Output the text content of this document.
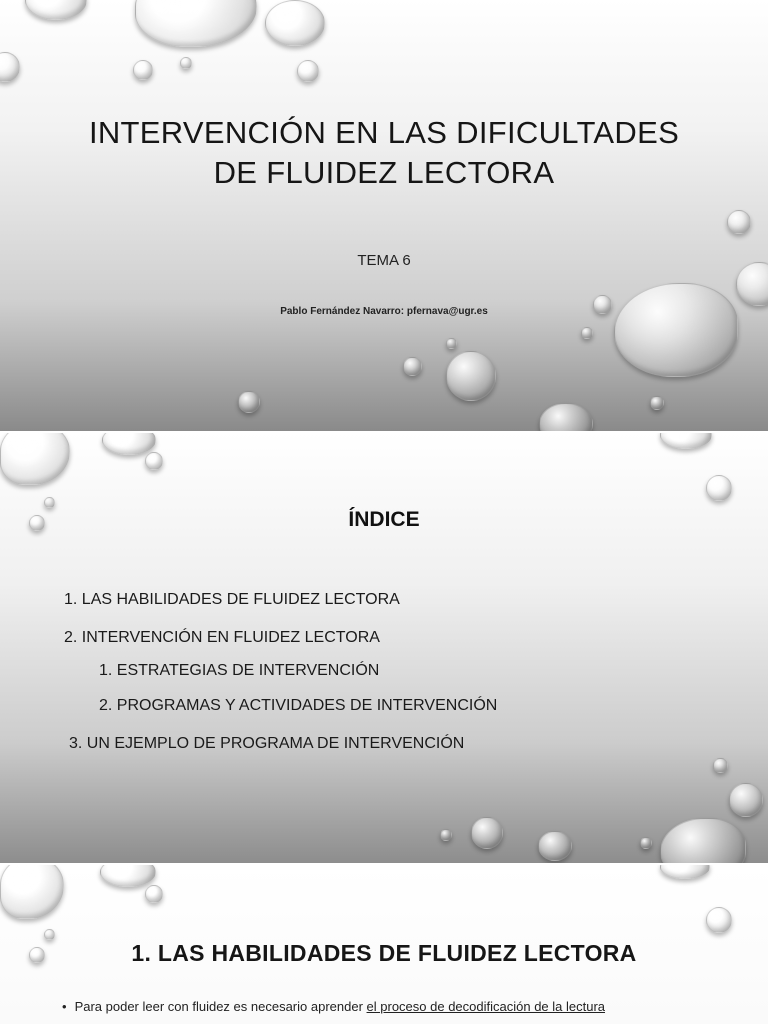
INTERVENCIÓN EN LAS DIFICULTADES DE FLUIDEZ LECTORA
TEMA 6
Pablo Fernández Navarro: pfernava@ugr.es
ÍNDICE
1. LAS HABILIDADES DE FLUIDEZ LECTORA
2. INTERVENCIÓN EN FLUIDEZ LECTORA
1. ESTRATEGIAS DE INTERVENCIÓN
2. PROGRAMAS Y ACTIVIDADES DE INTERVENCIÓN
3. UN EJEMPLO DE PROGRAMA DE INTERVENCIÓN
1. LAS HABILIDADES DE FLUIDEZ LECTORA
• Para poder leer con fluidez es necesario aprender el proceso de decodificación de la lectura
